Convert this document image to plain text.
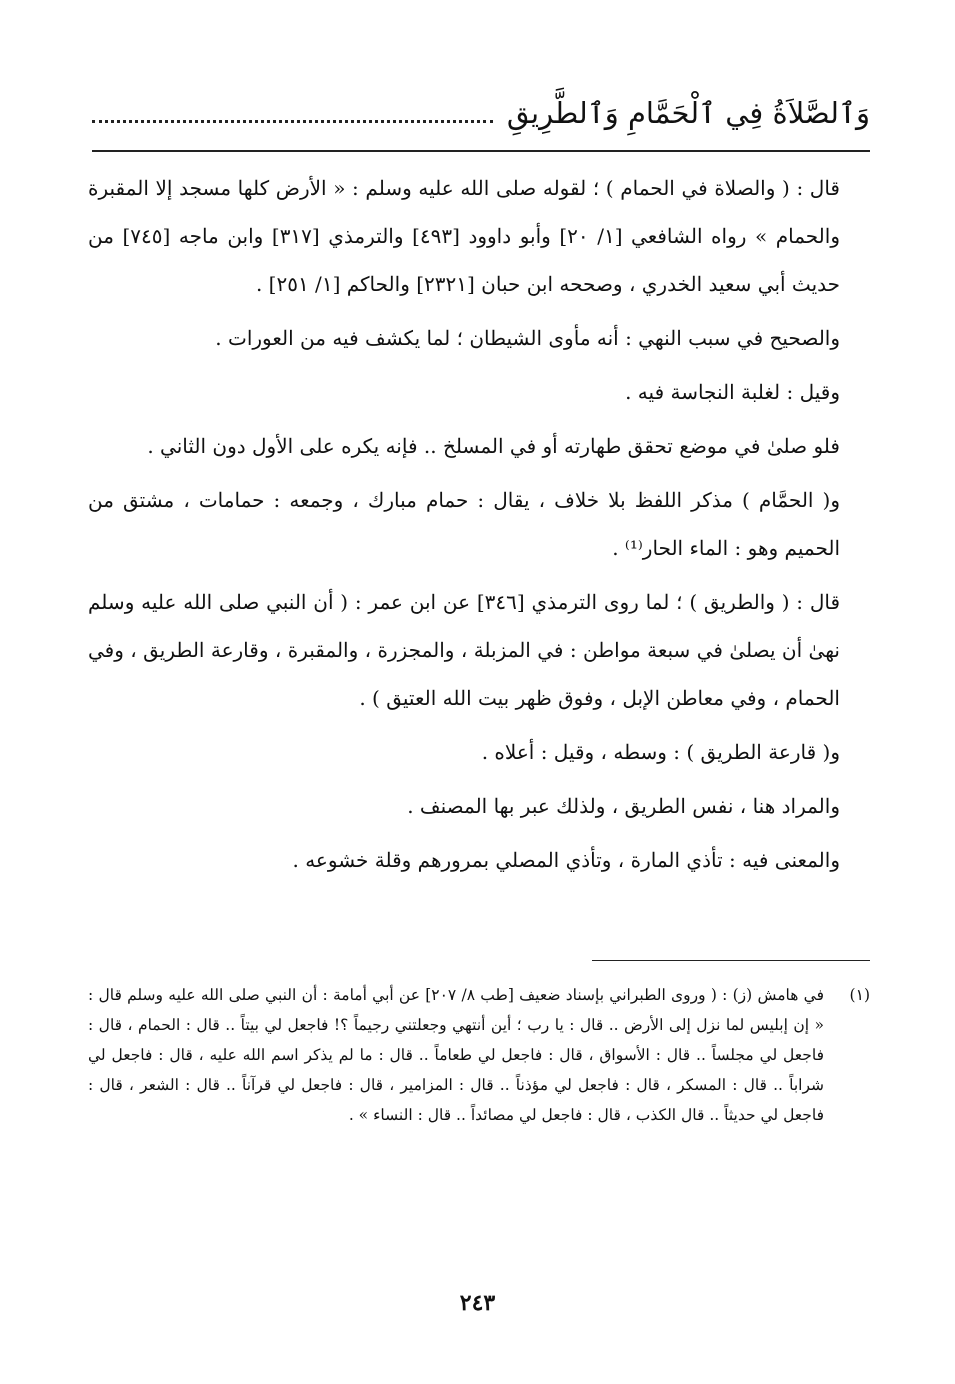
وَٱلصَّلاَةُ فِي ٱلْحَمَّامِ وَٱلطَّرِيقِ

قال : ( والصلاة في الحمام ) ؛ لقوله صلى الله عليه وسلم : « الأرض كلها مسجد إلا المقبرة والحمام » رواه الشافعي [١/ ٢٠] وأبو داوود [٤٩٣] والترمذي [٣١٧] وابن ماجه [٧٤٥] من حديث أبي سعيد الخدري ، وصححه ابن حبان [٢٣٢١] والحاكم [١/ ٢٥١] .

والصحيح في سبب النهي : أنه مأوى الشيطان ؛ لما يكشف فيه من العورات .

وقيل : لغلبة النجاسة فيه .

فلو صلىٰ في موضع تحقق طهارته أو في المسلخ .. فإنه يكره على الأول دون الثاني .

و( الحمَّام ) مذكر اللفظ بلا خلاف ، يقال : حمام مبارك ، وجمعه : حمامات ، مشتق من الحميم وهو : الماء الحار⁽¹⁾ .

قال : ( والطريق ) ؛ لما روى الترمذي [٣٤٦] عن ابن عمر : ( أن النبي صلى الله عليه وسلم نهىٰ أن يصلىٰ في سبعة مواطن : في المزبلة ، والمجزرة ، والمقبرة ، وقارعة الطريق ، وفي الحمام ، وفي معاطن الإبل ، وفوق ظهر بيت الله العتيق ) .

و( قارعة الطريق ) : وسطه ، وقيل : أعلاه .

والمراد هنا ، نفس الطريق ، ولذلك عبر بها المصنف .

والمعنى فيه : تأذي المارة ، وتأذي المصلي بمرورهم وقلة خشوعه .

(١)
في هامش (ز) : ( وروى الطبراني بإسناد ضعيف [طب ٨/ ٢٠٧] عن أبي أمامة : أن النبي صلى الله عليه وسلم قال : « إن إبليس لما نزل إلى الأرض .. قال : يا رب ؛ أين أنتهي وجعلتني رجيماً ؟! فاجعل لي بيتاً .. قال : الحمام ، قال : فاجعل لي مجلساً .. قال : الأسواق ، قال : فاجعل لي طعاماً .. قال : ما لم يذكر اسم الله عليه ، قال : فاجعل لي شراباً .. قال : المسكر ، قال : فاجعل لي مؤذناً .. قال : المزامير ، قال : فاجعل لي قرآناً .. قال : الشعر ، قال : فاجعل لي حديثاً .. قال الكذب ، قال : فاجعل لي مصائداً .. قال : النساء » .
٢٤٣
